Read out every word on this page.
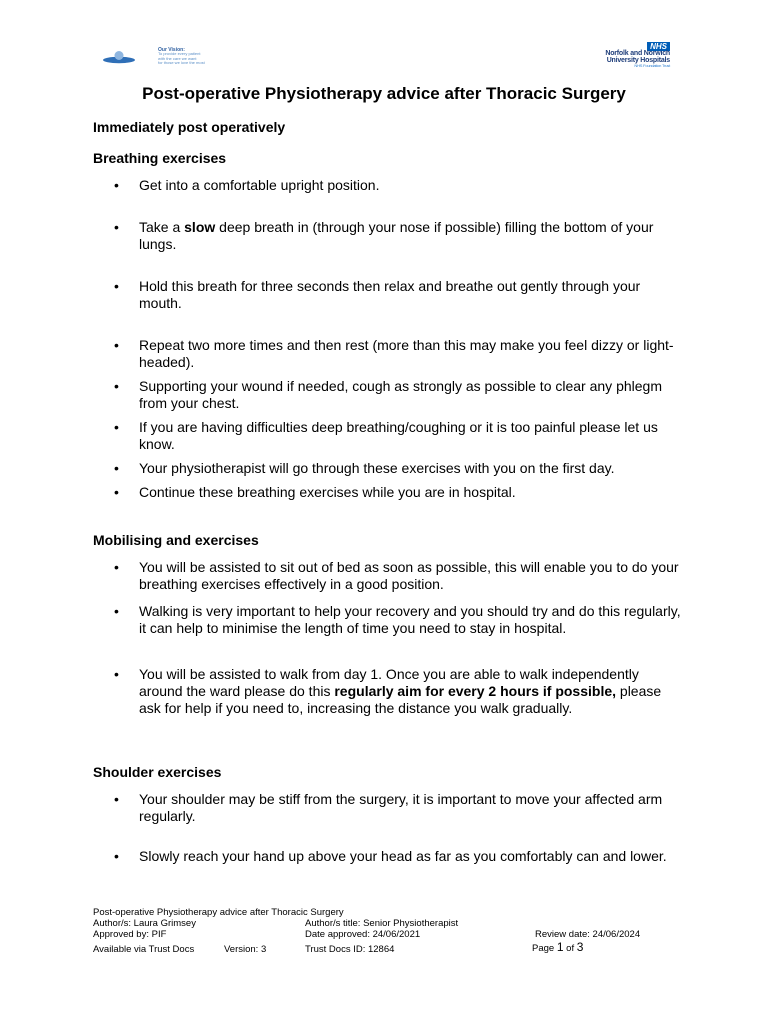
Our Vision:
To provide every patient
with the care we want
for those we love the most
NHS
Norfolk and Norwich
University Hospitals
NHS Foundation Trust
Post-operative Physiotherapy advice after Thoracic Surgery

Immediately post operatively

Breathing exercises

• Get into a comfortable upright position.
• Take a slow deep breath in (through your nose if possible) filling the bottom of your lungs.
• Hold this breath for three seconds then relax and breathe out gently through your mouth.
• Repeat two more times and then rest (more than this may make you feel dizzy or light-headed).
• Supporting your wound if needed, cough as strongly as possible to clear any phlegm from your chest.
• If you are having difficulties deep breathing/coughing or it is too painful please let us know.
• Your physiotherapist will go through these exercises with you on the first day.
• Continue these breathing exercises while you are in hospital.

Mobilising and exercises

• You will be assisted to sit out of bed as soon as possible, this will enable you to do your breathing exercises effectively in a good position.
• Walking is very important to help your recovery and you should try and do this regularly, it can help to minimise the length of time you need to stay in hospital.
• You will be assisted to walk from day 1. Once you are able to walk independently around the ward please do this regularly aim for every 2 hours if possible, please ask for help if you need to, increasing the distance you walk gradually.

Shoulder exercises

• Your shoulder may be stiff from the surgery, it is important to move your affected arm regularly.
• Slowly reach your hand up above your head as far as you comfortably can and lower.
Post-operative Physiotherapy advice after Thoracic Surgery
Author/s: Laura Grimsey	Author/s title: Senior Physiotherapist
Approved by: PIF	Date approved: 24/06/2021	Review date: 24/06/2024
Available via Trust Docs	Version: 3	Trust Docs ID: 12864	Page 1 of 3
